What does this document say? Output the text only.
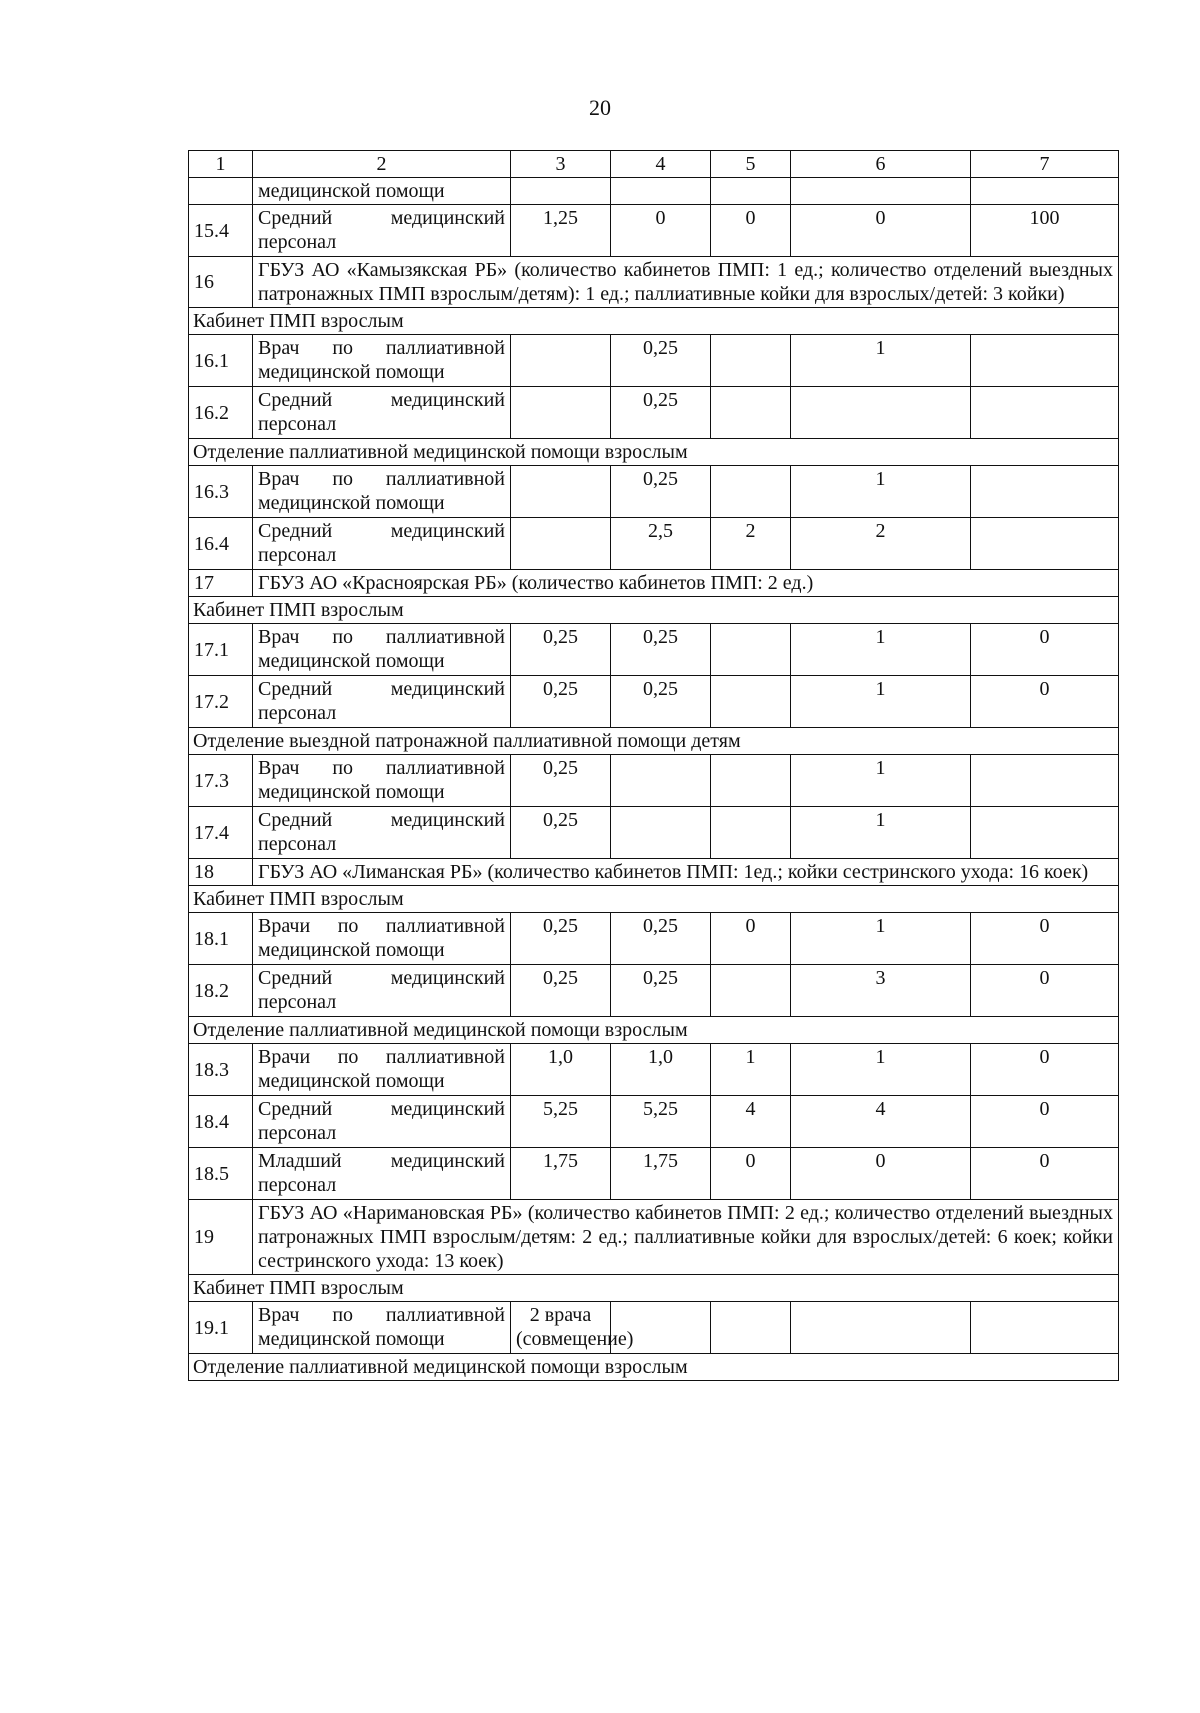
20
1	2	3	4	5	6	7
	медицинской помощи					
15.4	Средний медицинский персонал	1,25	0	0	0	100
16	ГБУЗ АО «Камызякская РБ» (количество кабинетов ПМП: 1 ед.; количество отделений выездных патронажных ПМП взрослым/детям): 1 ед.; паллиативные койки для взрослых/детей: 3 койки)					
Кабинет ПМП взрослым						
16.1	Врач по паллиативной медицинской помощи		0,25		1	
16.2	Средний медицинский персонал		0,25			
Отделение паллиативной медицинской помощи взрослым						
16.3	Врач по паллиативной медицинской помощи		0,25		1	
16.4	Средний медицинский персонал		2,5	2	2	
17	ГБУЗ АО «Красноярская РБ» (количество кабинетов ПМП: 2 ед.)					
Кабинет ПМП взрослым						
17.1	Врач по паллиативной медицинской помощи	0,25	0,25		1	0
17.2	Средний медицинский персонал	0,25	0,25		1	0
Отделение выездной патронажной паллиативной помощи детям						
17.3	Врач по паллиативной медицинской помощи	0,25			1	
17.4	Средний медицинский персонал	0,25			1	
18	ГБУЗ АО «Лиманская РБ» (количество кабинетов ПМП: 1ед.; койки сестринского ухода: 16 коек)					
Кабинет ПМП взрослым						
18.1	Врачи по паллиативной медицинской помощи	0,25	0,25	0	1	0
18.2	Средний медицинский персонал	0,25	0,25		3	0
Отделение паллиативной медицинской помощи взрослым						
18.3	Врачи по паллиативной медицинской помощи	1,0	1,0	1	1	0
18.4	Средний медицинский персонал	5,25	5,25	4	4	0
18.5	Младший медицинский персонал	1,75	1,75	0	0	0
19	ГБУЗ АО «Наримановская РБ» (количество кабинетов ПМП: 2 ед.; количество отделений выездных патронажных ПМП взрослым/детям: 2 ед.; паллиативные койки для взрослых/детей: 6 коек; койки сестринского ухода: 13 коек)					
Кабинет ПМП взрослым						
19.1	Врач по паллиативной медицинской помощи	2 врача (совмещение)				
Отделение паллиативной медицинской помощи взрослым						
